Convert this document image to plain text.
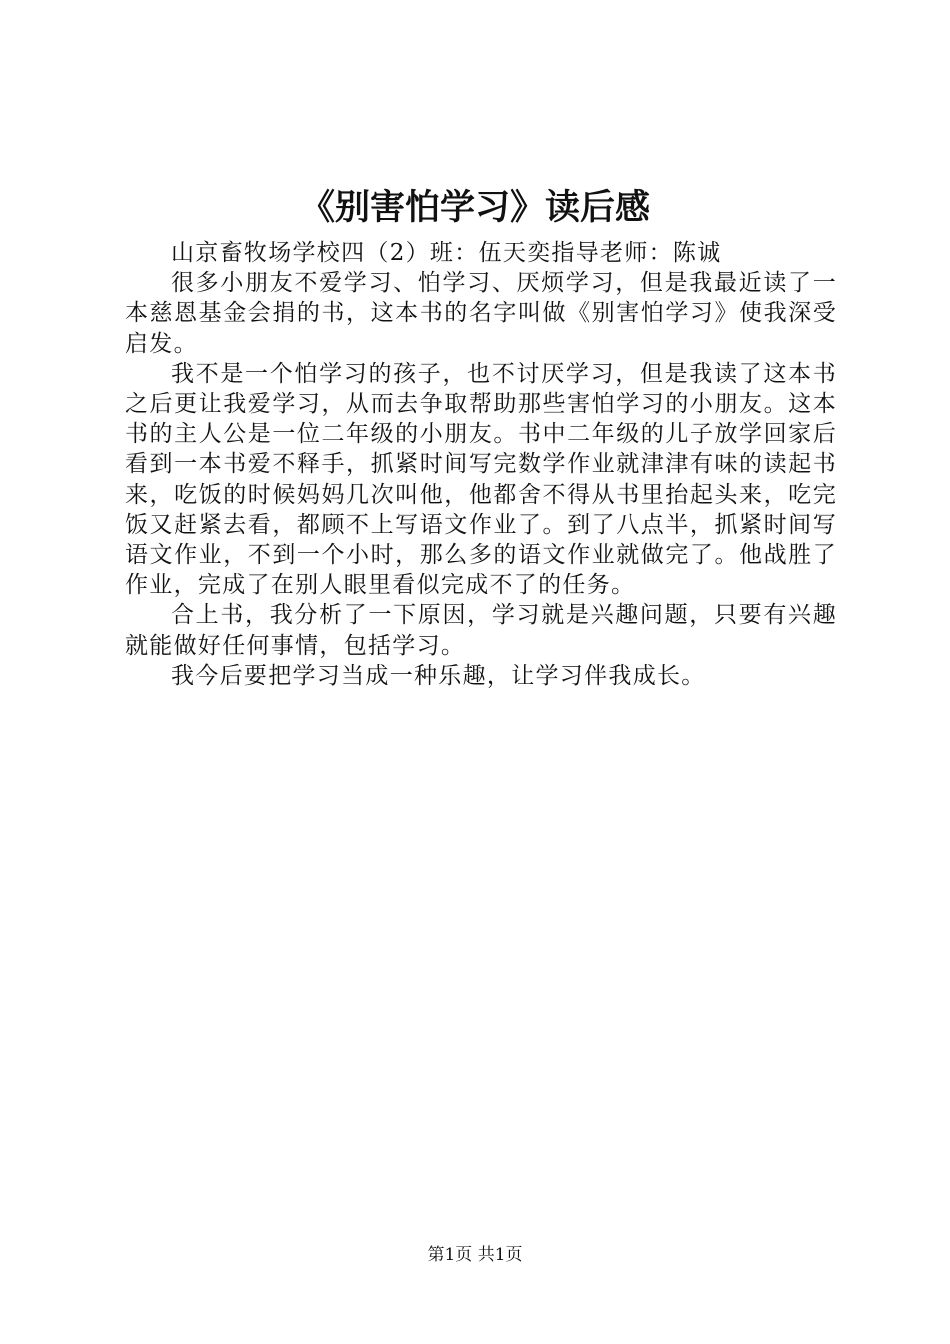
《别害怕学习》读后感

山京畜牧场学校四（2）班：伍天奕指导老师：陈诚

很多小朋友不爱学习、怕学习、厌烦学习，但是我最近读了一本慈恩基金会捐的书，这本书的名字叫做《别害怕学习》使我深受启发。

我不是一个怕学习的孩子，也不讨厌学习，但是我读了这本书之后更让我爱学习，从而去争取帮助那些害怕学习的小朋友。这本书的主人公是一位二年级的小朋友。书中二年级的儿子放学回家后看到一本书爱不释手，抓紧时间写完数学作业就津津有味的读起书来，吃饭的时候妈妈几次叫他，他都舍不得从书里抬起头来，吃完饭又赶紧去看，都顾不上写语文作业了。到了八点半，抓紧时间写语文作业，不到一个小时，那么多的语文作业就做完了。他战胜了作业，完成了在别人眼里看似完成不了的任务。

合上书，我分析了一下原因，学习就是兴趣问题，只要有兴趣就能做好任何事情，包括学习。

我今后要把学习当成一种乐趣，让学习伴我成长。

第1页 共1页
